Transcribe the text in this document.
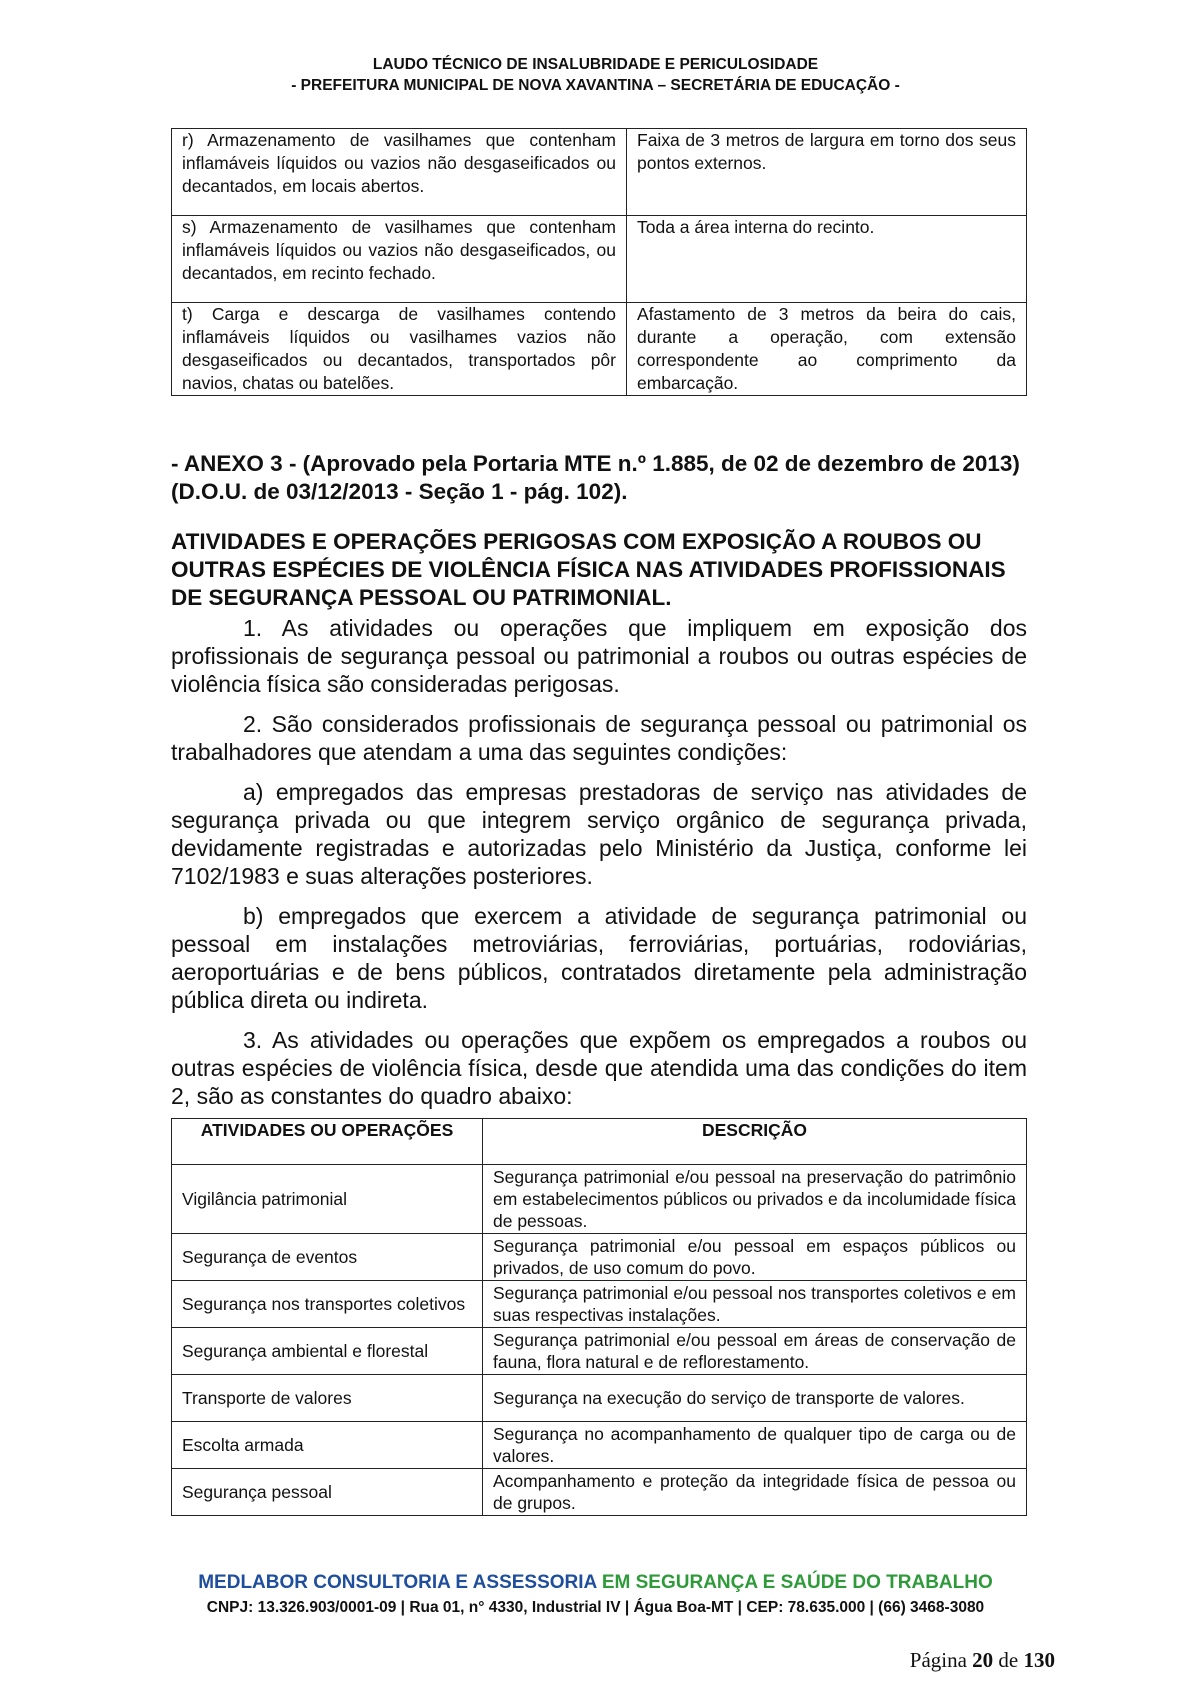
LAUDO TÉCNICO DE INSALUBRIDADE E PERICULOSIDADE
- PREFEITURA MUNICIPAL DE NOVA XAVANTINA – SECRETÁRIA DE EDUCAÇÃO -
r) Armazenamento de vasilhames que contenham inflamáveis líquidos ou vazios não desgaseificados ou decantados, em locais abertos.	Faixa de 3 metros de largura em torno dos seus pontos externos.
s) Armazenamento de vasilhames que contenham inflamáveis líquidos ou vazios não desgaseificados, ou decantados, em recinto fechado.	Toda a área interna do recinto.
t) Carga e descarga de vasilhames contendo inflamáveis líquidos ou vasilhames vazios não desgaseificados ou decantados, transportados pôr navios, chatas ou batelões.	Afastamento de 3 metros da beira do cais, durante a operação, com extensão correspondente ao comprimento da embarcação.

- ANEXO 3 - (Aprovado pela Portaria MTE n.º 1.885, de 02 de dezembro de 2013) (D.O.U. de 03/12/2013 - Seção 1 - pág. 102).

ATIVIDADES E OPERAÇÕES PERIGOSAS COM EXPOSIÇÃO A ROUBOS OU OUTRAS ESPÉCIES DE VIOLÊNCIA FÍSICA NAS ATIVIDADES PROFISSIONAIS DE SEGURANÇA PESSOAL OU PATRIMONIAL.

1. As atividades ou operações que impliquem em exposição dos profissionais de segurança pessoal ou patrimonial a roubos ou outras espécies de violência física são consideradas perigosas.

2. São considerados profissionais de segurança pessoal ou patrimonial os trabalhadores que atendam a uma das seguintes condições:

a) empregados das empresas prestadoras de serviço nas atividades de segurança privada ou que integrem serviço orgânico de segurança privada, devidamente registradas e autorizadas pelo Ministério da Justiça, conforme lei 7102/1983 e suas alterações posteriores.

b) empregados que exercem a atividade de segurança patrimonial ou pessoal em instalações metroviárias, ferroviárias, portuárias, rodoviárias, aeroportuárias e de bens públicos, contratados diretamente pela administração pública direta ou indireta.

3. As atividades ou operações que expõem os empregados a roubos ou outras espécies de violência física, desde que atendida uma das condições do item 2, são as constantes do quadro abaixo:

ATIVIDADES OU OPERAÇÕES	DESCRIÇÃO
Vigilância patrimonial	Segurança patrimonial e/ou pessoal na preservação do patrimônio em estabelecimentos públicos ou privados e da incolumidade física de pessoas.
Segurança de eventos	Segurança patrimonial e/ou pessoal em espaços públicos ou privados, de uso comum do povo.
Segurança nos transportes coletivos	Segurança patrimonial e/ou pessoal nos transportes coletivos e em suas respectivas instalações.
Segurança ambiental e florestal	Segurança patrimonial e/ou pessoal em áreas de conservação de fauna, flora natural e de reflorestamento.
Transporte de valores	Segurança na execução do serviço de transporte de valores.
Escolta armada	Segurança no acompanhamento de qualquer tipo de carga ou de valores.
Segurança pessoal	Acompanhamento e proteção da integridade física de pessoa ou de grupos.
MEDLABOR CONSULTORIA E ASSESSORIA EM SEGURANÇA E SAÚDE DO TRABALHO
CNPJ: 13.326.903/0001-09 | Rua 01, n° 4330, Industrial IV | Água Boa-MT | CEP: 78.635.000 | (66) 3468-3080
Página 20 de 130
